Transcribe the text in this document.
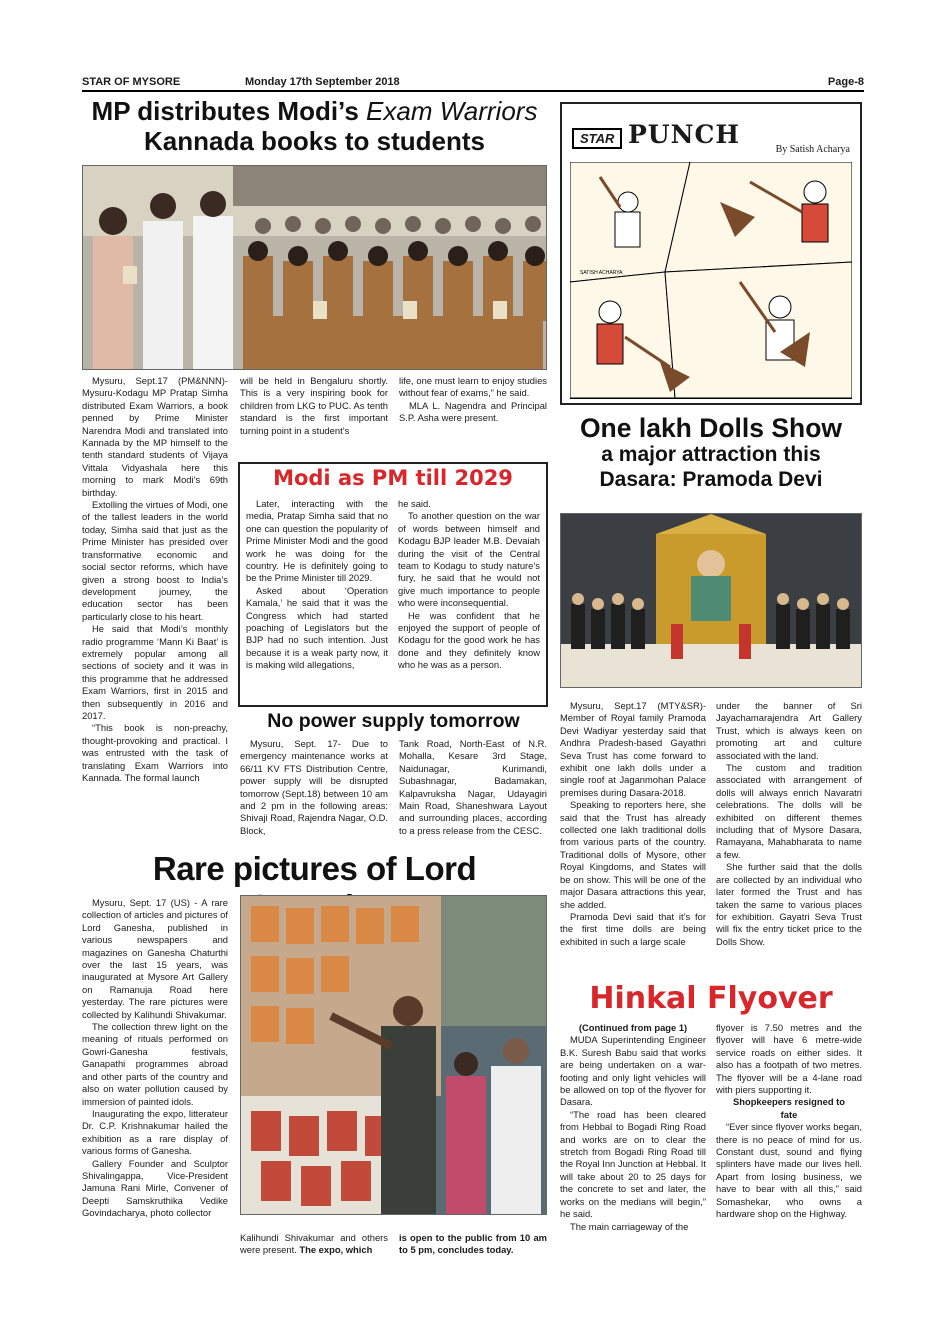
STAR OF MYSORE	Monday 17th September 2018	Page-8
MP distributes Modi’s Exam Warriors
Kannada books to students

Mysuru, Sept.17 (PM&NNN)- Mysuru-Kodagu MP Pratap Simha distributed Exam Warriors, a book penned by Prime Minister Narendra Modi and translated into Kannada by the MP himself to the tenth standard students of Vijaya Vittala Vidyashala here this morning to mark Modi’s 69th birthday.

Extolling the virtues of Modi, one of the tallest leaders in the world today, Simha said that just as the Prime Minister has presided over transformative economic and social sector reforms, which have given a strong boost to India’s development journey, the education sector has been particularly close to his heart.

He said that Modi’s monthly radio programme ‘Mann Ki Baat’ is extremely popular among all sections of society and it was in this programme that he addressed Exam Warriors, first in 2015 and then subsequently in 2016 and 2017.

“This book is non-preachy, thought-provoking and practical. I was entrusted with the task of translating Exam Warriors into Kannada. The formal launch

will be held in Bengaluru shortly. This is a very inspiring book for children from LKG to PUC. As tenth standard is the first important turning point in a student’s

life, one must learn to enjoy studies without fear of exams,” he said.

MLA L. Nagendra and Principal S.P. Asha were present.

Modi as PM till 2029

Later, interacting with the media, Pratap Simha said that no one can question the popularity of Prime Minister Modi and the good work he was doing for the country. He is definitely going to be the Prime Minister till 2029.

Asked about ‘Operation Kamala,’ he said that it was the Congress which had started poaching of Legislators but the BJP had no such intention. Just because it is a weak party now, it is making wild allegations,

he said.

To another question on the war of words between himself and Kodagu BJP leader M.B. Devaiah during the visit of the Central team to Kodagu to study nature’s fury, he said that he would not give much importance to people who were inconsequential.

He was confident that he enjoyed the support of people of Kodagu for the good work he has done and they definitely know who he was as a person.

No power supply tomorrow

Mysuru, Sept. 17- Due to emergency maintenance works at 66/11 KV FTS Distribution Centre, power supply will be disrupted tomorrow (Sept.18) between 10 am and 2 pm in the following areas: Shivaji Road, Rajendra Nagar, O.D. Block,

Tank Road, North-East of N.R. Mohalla, Kesare 3rd Stage, Naidunagar, Kurimandi, Subashnagar, Badamakan, Kalpavruksha Nagar, Udayagiri Main Road, Shaneshwara Layout and surrounding places, according to a press release from the CESC.

Rare pictures of Lord

Mysuru, Sept. 17 (US) - A rare collection of articles and pictures of Lord Ganesha, published in various newspapers and magazines on Ganesha Chaturthi over the last 15 years, was inaugurated at Mysore Art Gallery on Ramanuja Road here yesterday. The rare pictures were collected by Kalihundi Shivakumar.

The collection threw light on the meaning of rituals performed on Gowri-Ganesha festivals, Ganapathi programmes abroad and other parts of the country and also on water pollution caused by immersion of painted idols.

Inaugurating the expo, litterateur Dr. C.P. Krishnakumar hailed the exhibition as a rare display of various forms of Ganesha.

Gallery Founder and Sculptor Shivalingappa, Vice-President Jamuna Rani Mirle, Convener of Deepti Samskruthika Vedike Govindacharya, photo collector

Kalihundi Shivakumar and others were present. The expo, which

is open to the public from 10 am to 5 pm, concludes today.

STAR PUNCH
By Satish Acharya
SATISH ACHARYA
One lakh Dolls Show
a major attraction this
Dasara: Pramoda Devi

Mysuru, Sept.17 (MTY&SR)- Member of Royal family Pramoda Devi Wadiyar yesterday said that Andhra Pradesh-based Gayathri Seva Trust has come forward to exhibit one lakh dolls under a single roof at Jaganmohan Palace premises during Dasara-2018.

Speaking to reporters here, she said that the Trust has already collected one lakh traditional dolls from various parts of the country. Traditional dolls of Mysore, other Royal Kingdoms, and States will be on show. This will be one of the major Dasara attractions this year, she added.

Pramoda Devi said that it’s for the first time dolls are being exhibited in such a large scale

under the banner of Sri Jayachamarajendra Art Gallery Trust, which is always keen on promoting art and culture associated with the land.

The custom and tradition associated with arrangement of dolls will always enrich Navaratri celebrations. The dolls will be exhibited on different themes including that of Mysore Dasara, Ramayana, Mahabharata to name a few.

She further said that the dolls are collected by an individual who later formed the Trust and has taken the same to various places for exhibition. Gayatri Seva Trust will fix the entry ticket price to the Dolls Show.

Hinkal Flyover

(Continued from page 1)

MUDA Superintending Engineer B.K. Suresh Babu said that works are being undertaken on a war-footing and only light vehicles will be allowed on top of the flyover for Dasara.

“The road has been cleared from Hebbal to Bogadi Ring Road and works are on to clear the stretch from Bogadi Ring Road till the Royal Inn Junction at Hebbal. It will take about 20 to 25 days for the concrete to set and later, the works on the medians will begin,” he said.

The main carriageway of the

flyover is 7.50 metres and the flyover will have 6 metre-wide service roads on either sides. It also has a footpath of two metres. The flyover will be a 4-lane road with piers supporting it.

Shopkeepers resigned to fate

“Ever since flyover works began, there is no peace of mind for us. Constant dust, sound and flying splinters have made our lives hell. Apart from losing business, we have to bear with all this,” said Somashekar, who owns a hardware shop on the Highway.
